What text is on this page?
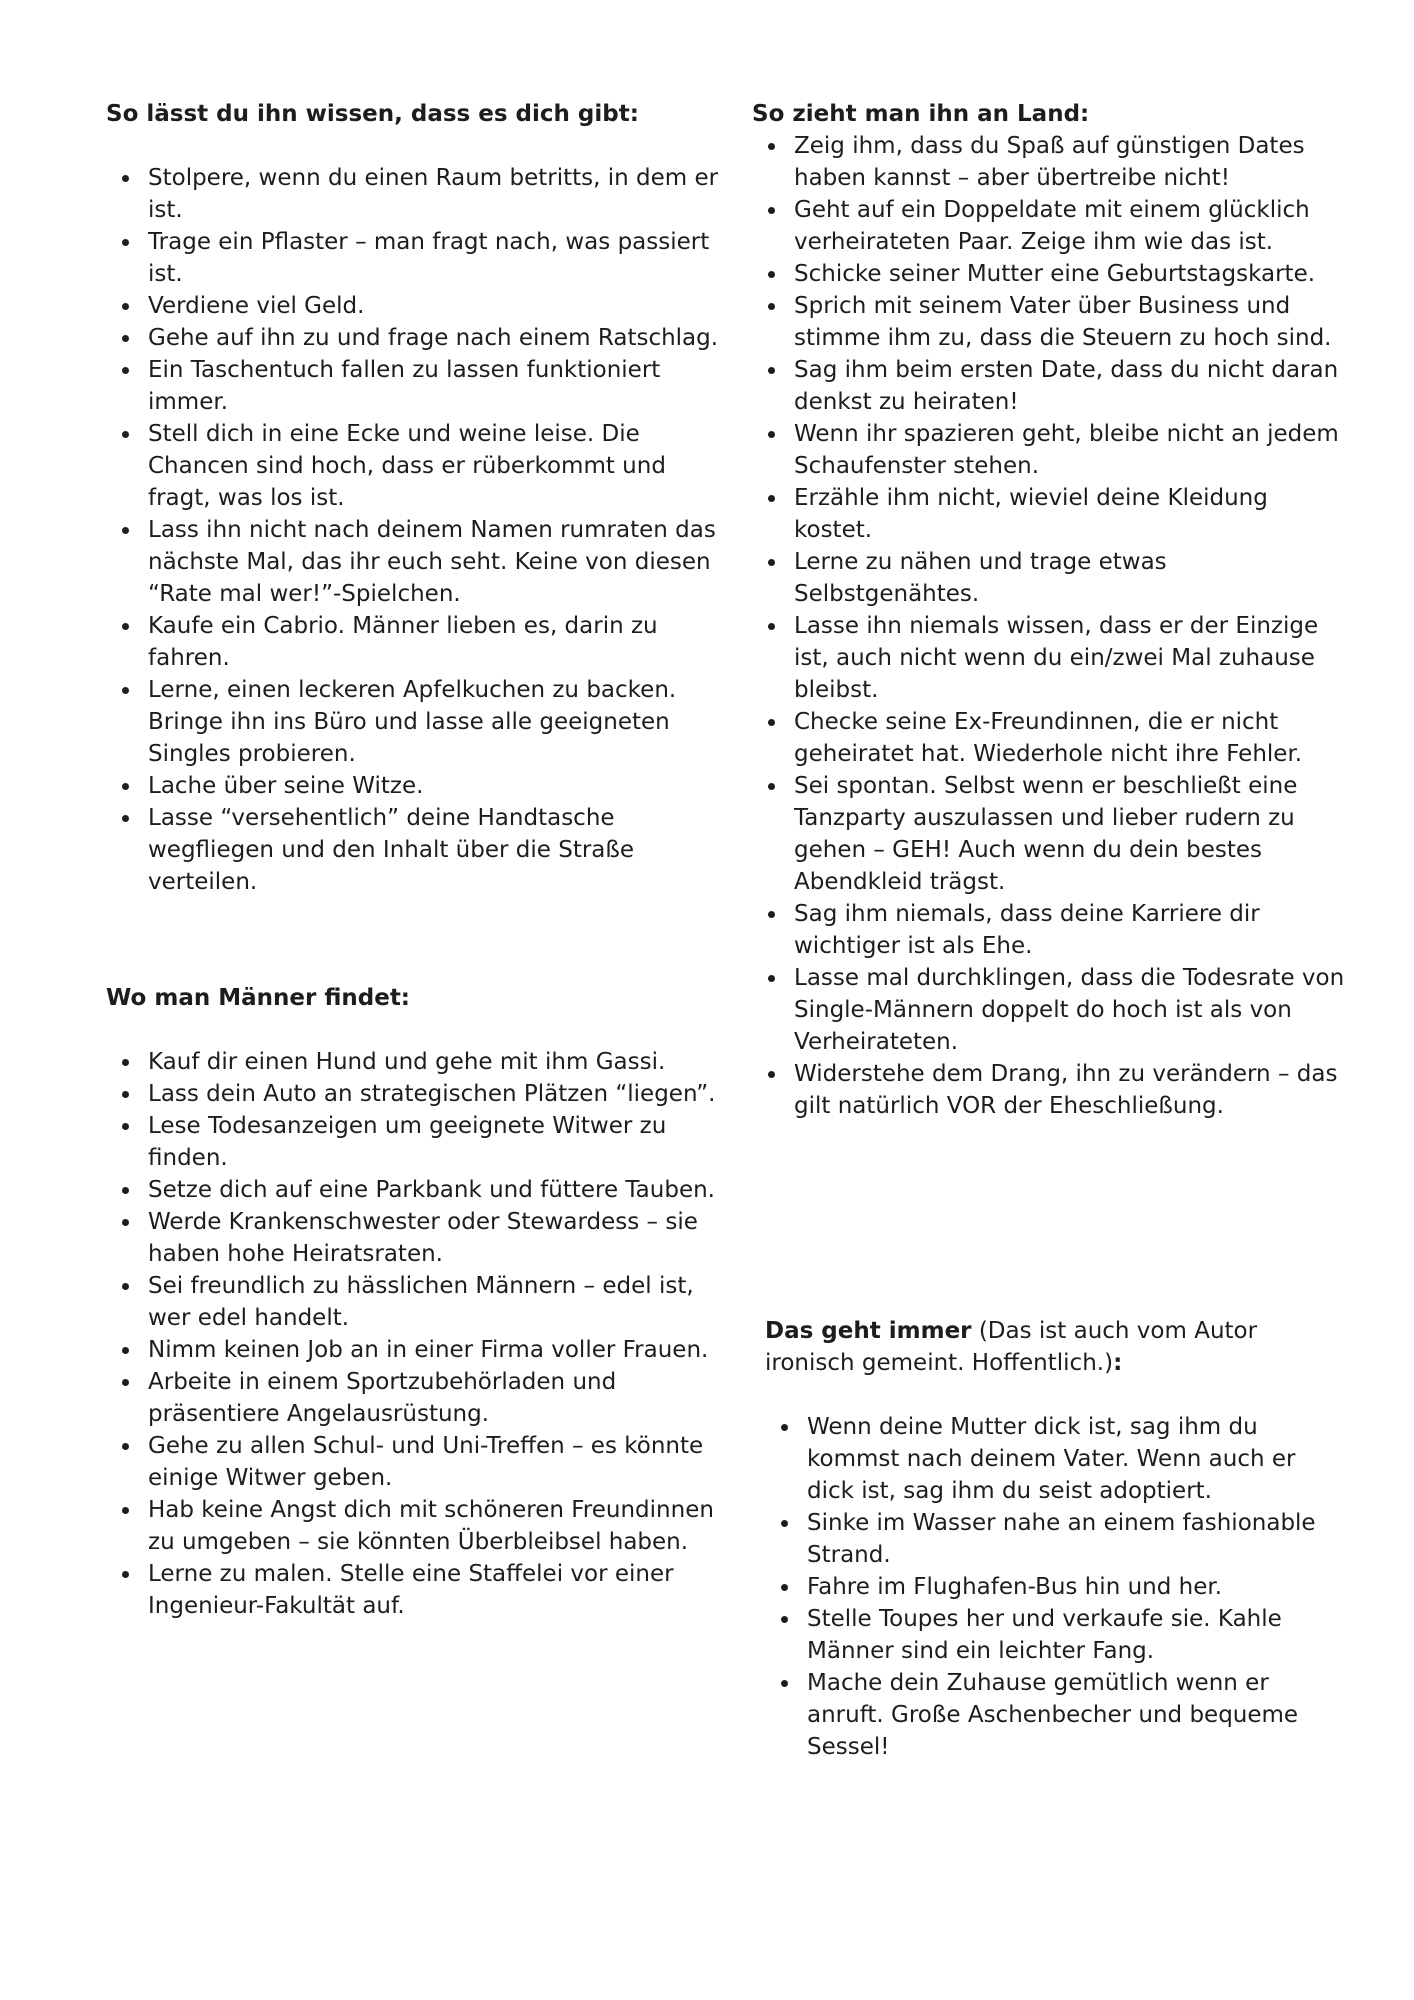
So lässt du ihn wissen, dass es dich gibt:
Stolpere, wenn du einen Raum betritts, in dem er ist.
Trage ein Pflaster – man fragt nach, was passiert ist.
Verdiene viel Geld.
Gehe auf ihn zu und frage nach einem Ratschlag.
Ein Taschentuch fallen zu lassen funktioniert immer.
Stell dich in eine Ecke und weine leise. Die Chancen sind hoch, dass er rüberkommt und fragt, was los ist.
Lass ihn nicht nach deinem Namen rumraten das nächste Mal, das ihr euch seht. Keine von diesen “Rate mal wer!”-Spielchen.
Kaufe ein Cabrio. Männer lieben es, darin zu fahren.
Lerne, einen leckeren Apfelkuchen zu backen. Bringe ihn ins Büro und lasse alle geeigneten Singles probieren.
Lache über seine Witze.
Lasse “versehentlich” deine Handtasche wegfliegen und den Inhalt über die Straße verteilen.
Wo man Männer findet:
Kauf dir einen Hund und gehe mit ihm Gassi.
Lass dein Auto an strategischen Plätzen “liegen”.
Lese Todesanzeigen um geeignete Witwer zu finden.
Setze dich auf eine Parkbank und füttere Tauben.
Werde Krankenschwester oder Stewardess – sie haben hohe Heiratsraten.
Sei freundlich zu hässlichen Männern – edel ist, wer edel handelt.
Nimm keinen Job an in einer Firma voller Frauen.
Arbeite in einem Sportzubehörladen und präsentiere Angelausrüstung.
Gehe zu allen Schul- und Uni-Treffen – es könnte einige Witwer geben.
Hab keine Angst dich mit schöneren Freundinnen zu umgeben – sie könnten Überbleibsel haben.
Lerne zu malen. Stelle eine Staffelei vor einer Ingenieur-Fakultät auf.
So zieht man ihn an Land:
Zeig ihm, dass du Spaß auf günstigen Dates haben kannst – aber übertreibe nicht!
Geht auf ein Doppeldate mit einem glücklich verheirateten Paar. Zeige ihm wie das ist.
Schicke seiner Mutter eine Geburtstagskarte.
Sprich mit seinem Vater über Business und stimme ihm zu, dass die Steuern zu hoch sind.
Sag ihm beim ersten Date, dass du nicht daran denkst zu heiraten!
Wenn ihr spazieren geht, bleibe nicht an jedem Schaufenster stehen.
Erzähle ihm nicht, wieviel deine Kleidung kostet.
Lerne zu nähen und trage etwas Selbstgenähtes.
Lasse ihn niemals wissen, dass er der Einzige ist, auch nicht wenn du ein/zwei Mal zuhause bleibst.
Checke seine Ex-Freundinnen, die er nicht geheiratet hat. Wiederhole nicht ihre Fehler.
Sei spontan. Selbst wenn er beschließt eine Tanzparty auszulassen und lieber rudern zu gehen – GEH! Auch wenn du dein bestes Abendkleid trägst.
Sag ihm niemals, dass deine Karriere dir wichtiger ist als Ehe.
Lasse mal durchklingen, dass die Todesrate von Single-Männern doppelt do hoch ist als von Verheirateten.
Widerstehe dem Drang, ihn zu verändern – das gilt natürlich VOR der Eheschließung.

Das geht immer (Das ist auch vom Autor ironisch gemeint. Hoffentlich.):

Wenn deine Mutter dick ist, sag ihm du kommst nach deinem Vater. Wenn auch er dick ist, sag ihm du seist adoptiert.
Sinke im Wasser nahe an einem fashionable Strand.
Fahre im Flughafen-Bus hin und her.
Stelle Toupes her und verkaufe sie. Kahle Männer sind ein leichter Fang.
Mache dein Zuhause gemütlich wenn er anruft. Große Aschenbecher und bequeme Sessel!
